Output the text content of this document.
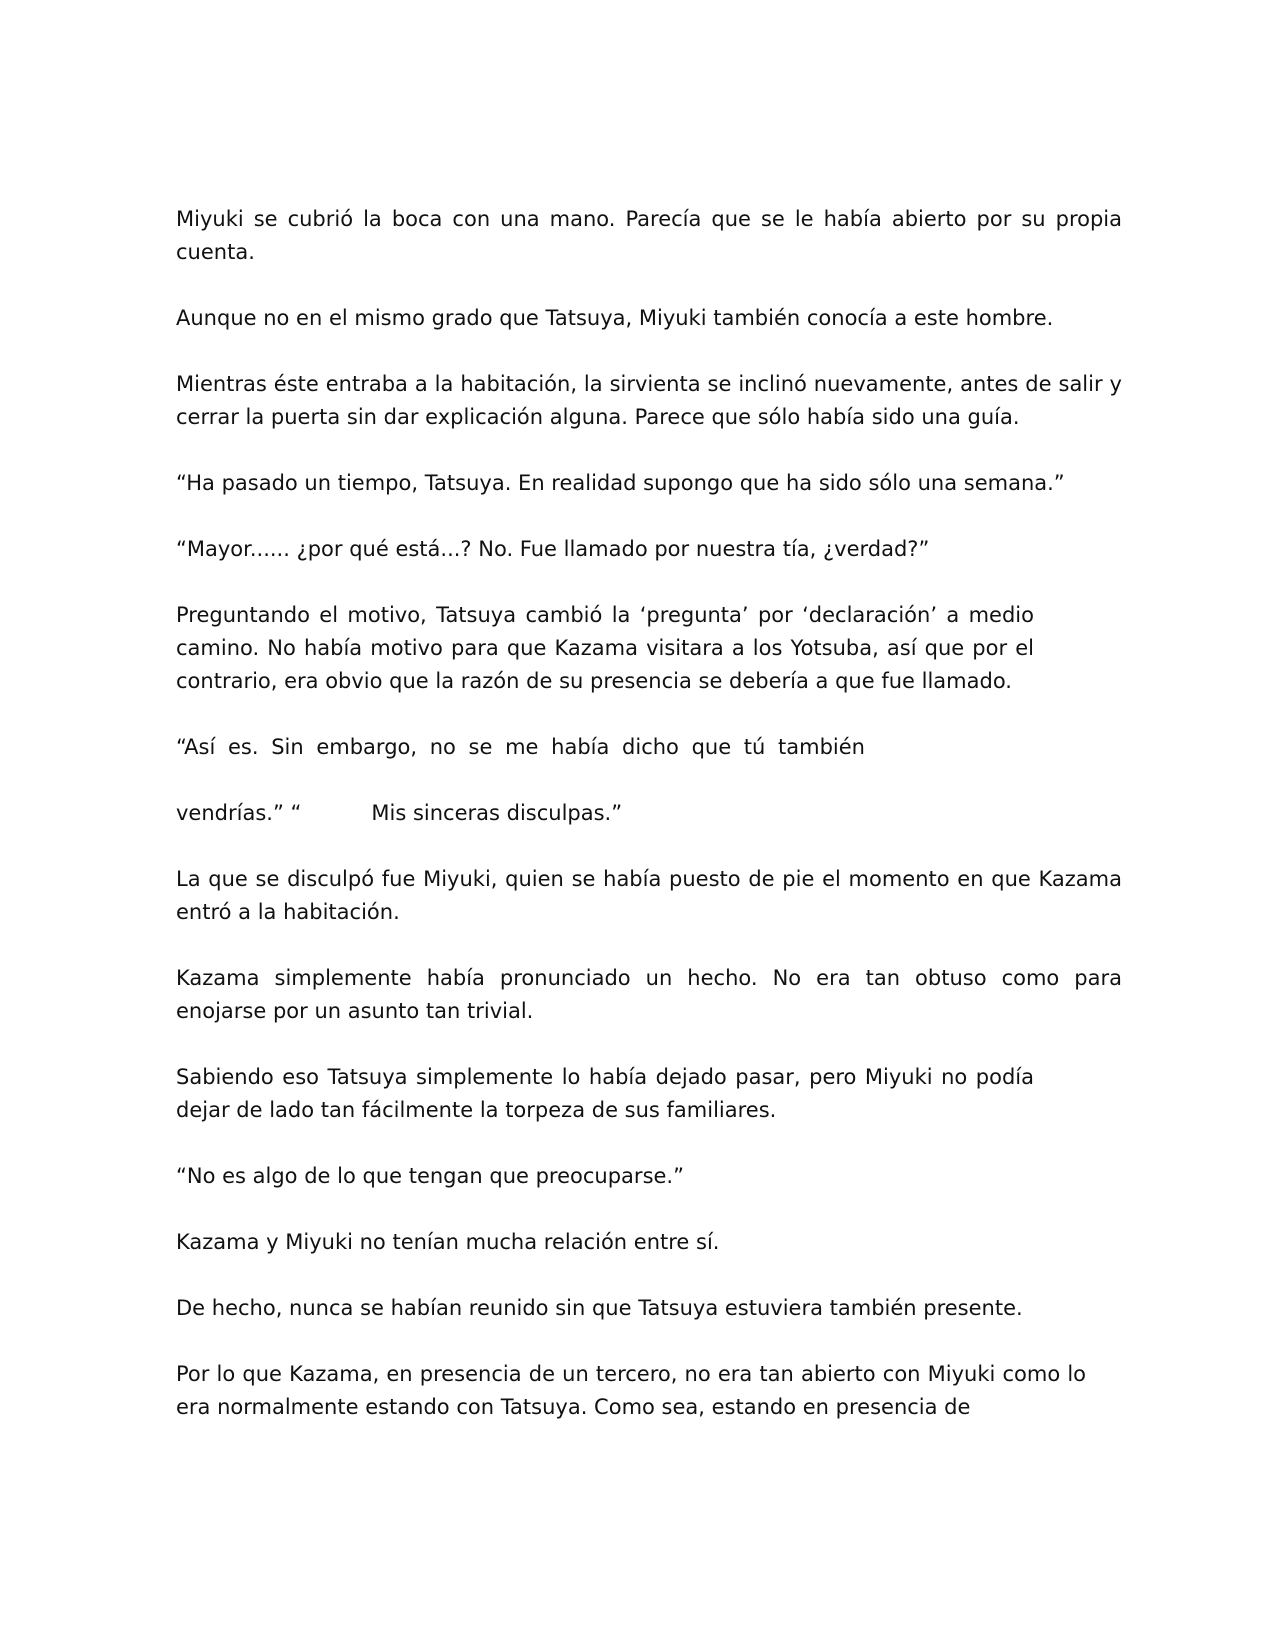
Miyuki se cubrió la boca con una mano. Parecía que se le había abierto por su propia cuenta.

Aunque no en el mismo grado que Tatsuya, Miyuki también conocía a este hombre.

Mientras éste entraba a la habitación, la sirvienta se inclinó nuevamente, antes de salir y cerrar la puerta sin dar explicación alguna. Parece que sólo había sido una guía.

“Ha pasado un tiempo, Tatsuya. En realidad supongo que ha sido sólo una semana.”

“Mayor...... ¿por qué está...? No. Fue llamado por nuestra tía, ¿verdad?”

Preguntando el motivo, Tatsuya cambió la ‘pregunta’ por ‘declaración’ a medio camino. No había motivo para que Kazama visitara a los Yotsuba, así que por el contrario, era obvio que la razón de su presencia se debería a que fue llamado.

“Así es. Sin embargo, no se me había dicho que tú también

vendrías.” “	Mis sinceras disculpas.”

La que se disculpó fue Miyuki, quien se había puesto de pie el momento en que Kazama entró a la habitación.

Kazama simplemente había pronunciado un hecho. No era tan obtuso como para enojarse por un asunto tan trivial.

Sabiendo eso Tatsuya simplemente lo había dejado pasar, pero Miyuki no podía dejar de lado tan fácilmente la torpeza de sus familiares.

“No es algo de lo que tengan que preocuparse.”

Kazama y Miyuki no tenían mucha relación entre sí.

De hecho, nunca se habían reunido sin que Tatsuya estuviera también presente.

Por lo que Kazama, en presencia de un tercero, no era tan abierto con Miyuki como lo era normalmente estando con Tatsuya. Como sea, estando en presencia de
